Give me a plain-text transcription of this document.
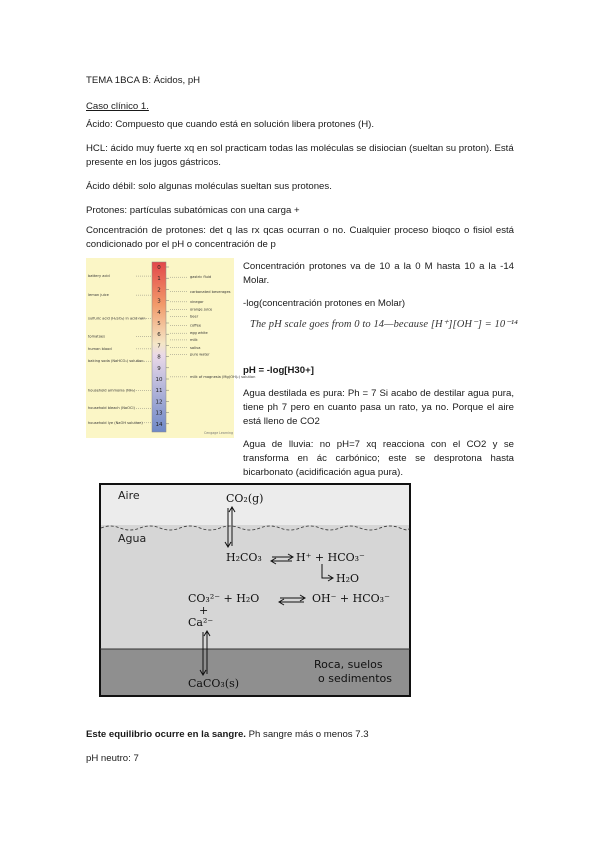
TEMA 1BCA B: Ácidos, pH
Caso clínico 1.
Ácido: Compuesto que cuando está en solución libera protones (H).
HCL: ácido muy fuerte xq en sol practicam todas las moléculas se disiocian (sueltan su proton). Está presente en los jugos gástricos.
Ácido débil: solo algunas moléculas sueltan sus protones.
Protones: partículas subatómicas con una carga +
Concentración de protones: det q las rx qcas ocurran o no. Cualquier proceso bioqco o fisiol está condicionado por el pH o concentración de p
0
1
2
3
4
5
6
7
8
9
10
11
12
13
14
battery acid
lemon juice
sulfuric acid (H₂SO₄) in acid rain
tomatoes
human blood
baking soda (NaHCO₃) solution
household ammonia (NH₃)
household bleach (NaOCl)
household lye (NaOH solution)
gastric fluid
carbonated beverages
vinegar
orange juice
beer
coffee
egg white
milk
saliva
pure water
milk of magnesia (Mg(OH)₂) solution
Cengage Learning
Concentración protones va de 10 a la 0 M hasta 10 a la -14 Molar.
-log(concentración protones en Molar)
The pH scale goes from 0 to 14—because [H⁺][OH⁻] = 10⁻¹⁴
pH = -log[H30+]
Agua destilada es pura: Ph = 7 Si acabo de destilar agua pura, tiene ph 7 pero en cuanto pasa un rato, ya no. Porque el aire está lleno de CO2
Agua de lluvia: no pH=7 xq reacciona con el CO2 y se transforma en ác carbónico; este se desprotona hasta bicarbonato (acidificación agua pura).
Aire
Agua
Roca, suelos
o sedimentos
CO₂(g)
H₂CO₃	H⁺ + HCO₃⁻
H₂O
CO₃²⁻ + H₂O	OH⁻ + HCO₃⁻
+
Ca²⁻
CaCO₃(s)
Este equilibrio ocurre en la sangre. Ph sangre más o menos 7.3
pH neutro: 7
